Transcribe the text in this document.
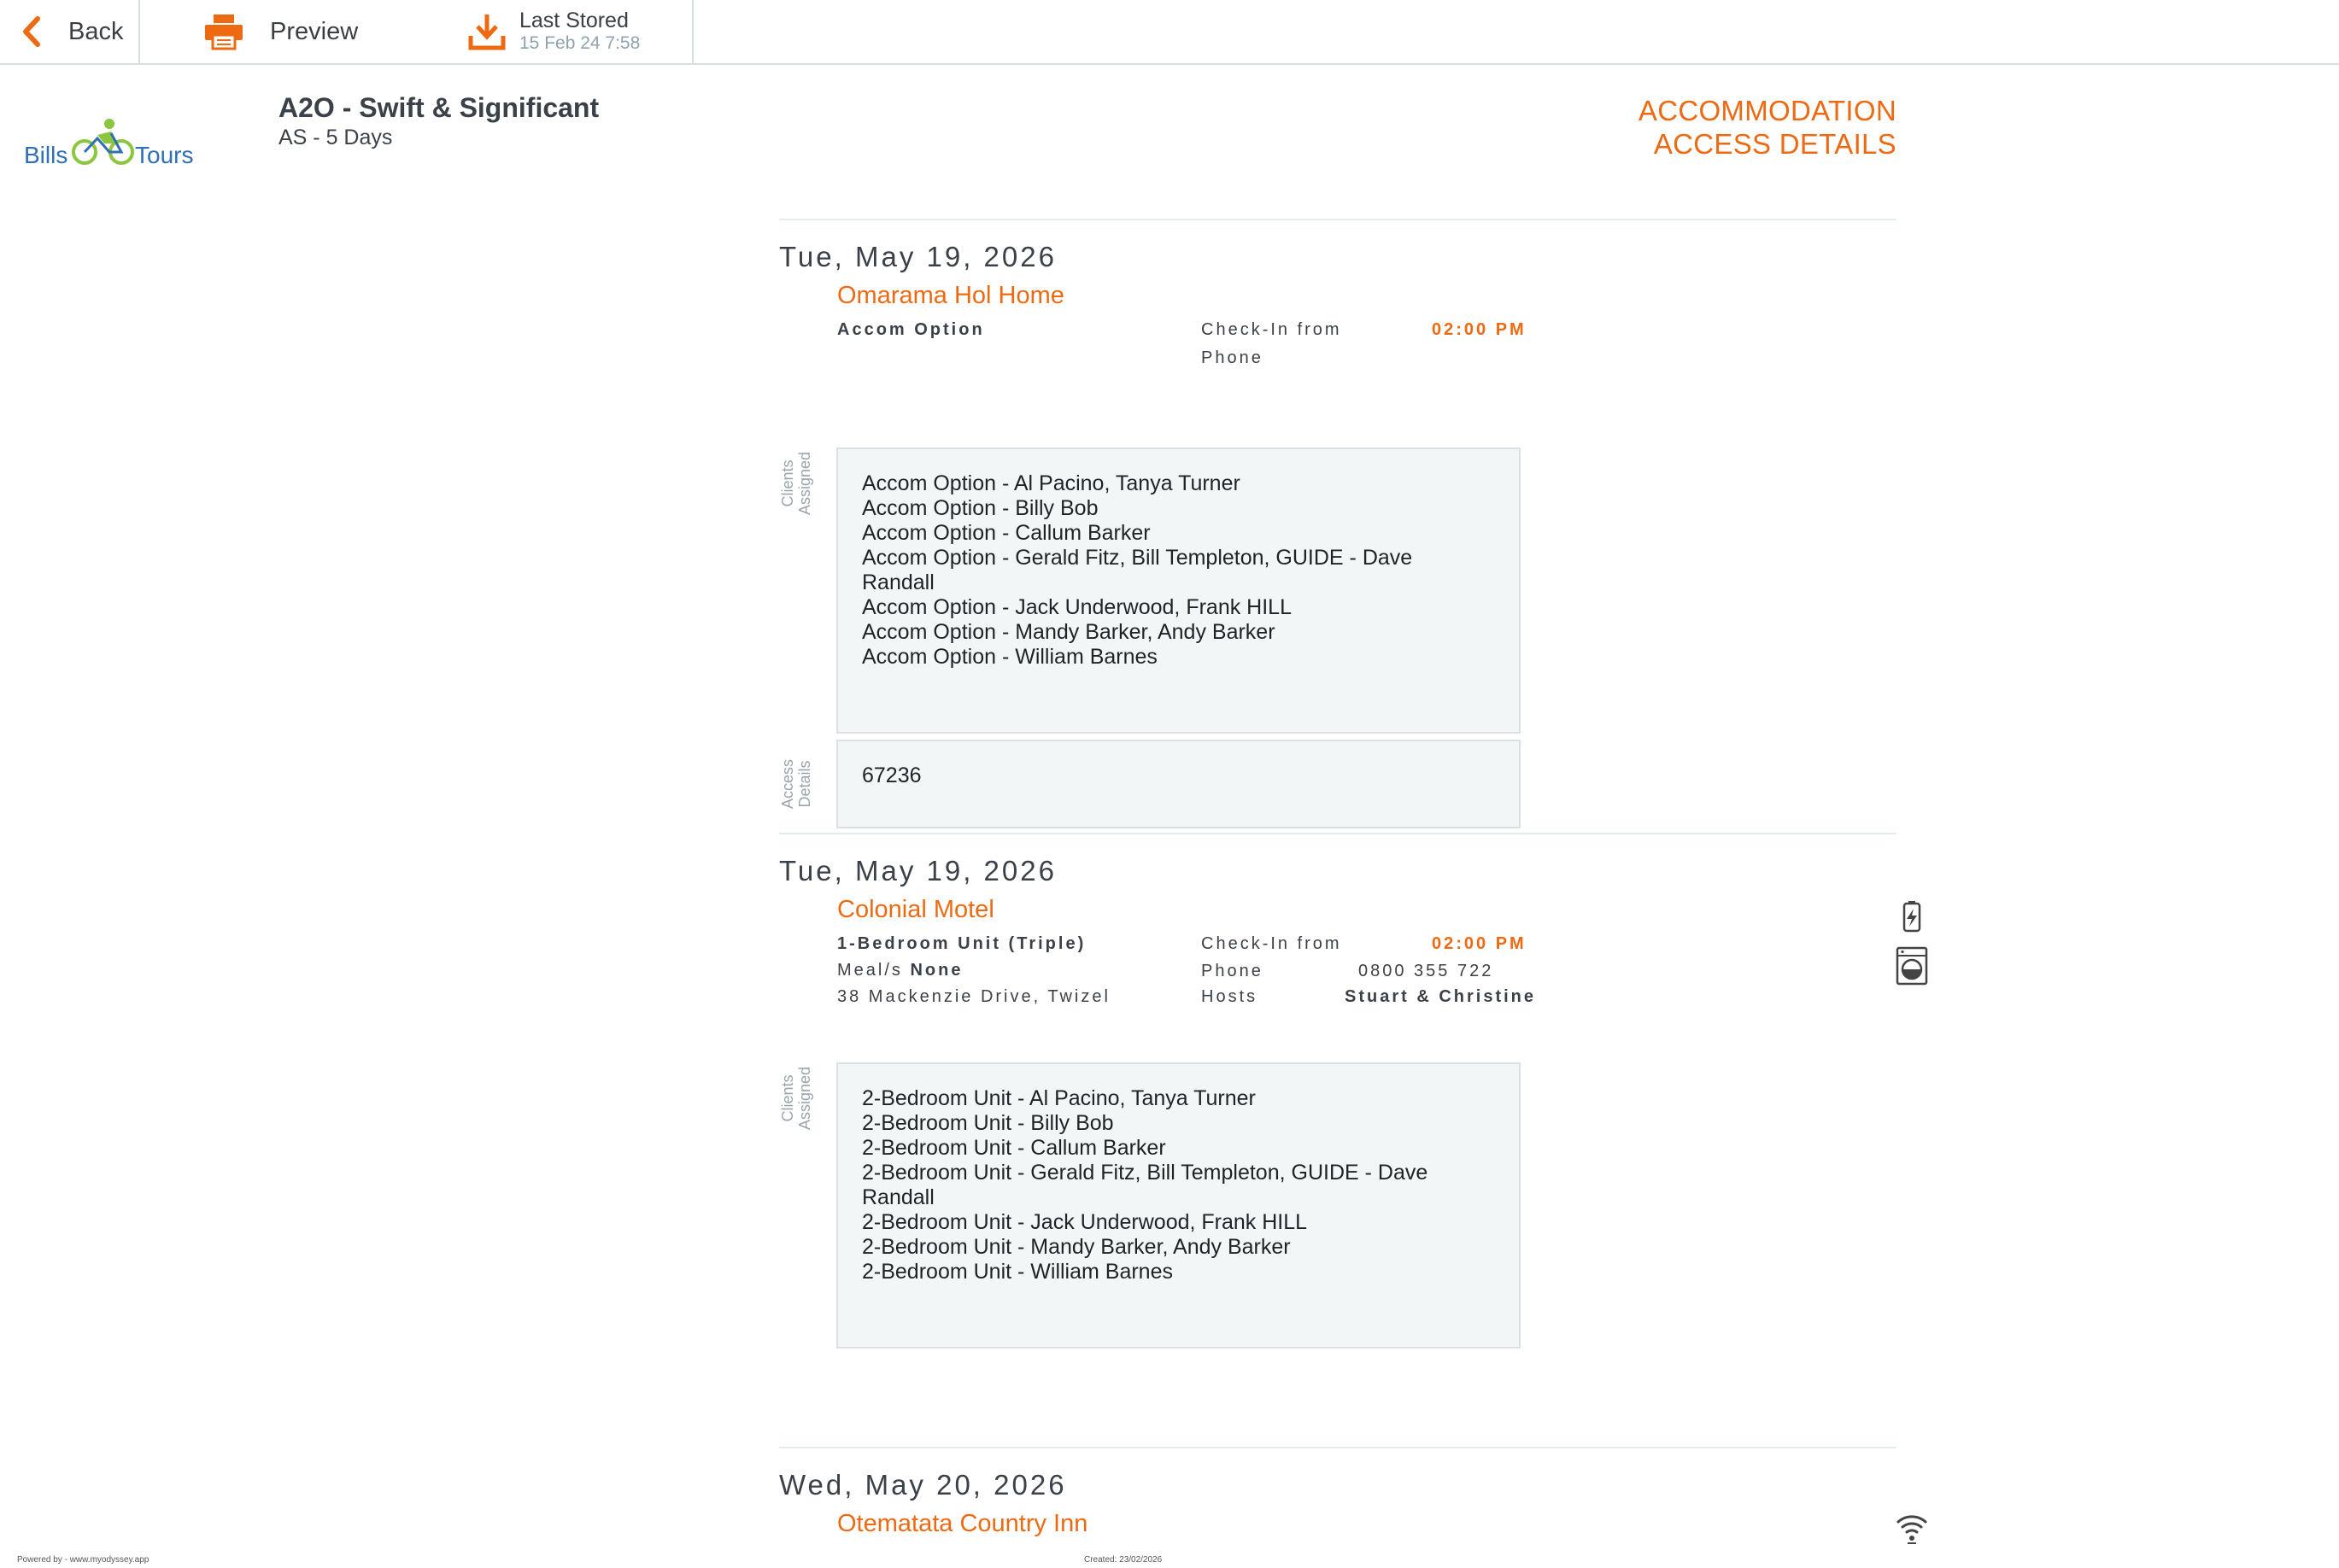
Back	Preview	Last Stored
15 Feb 24 7:58
Bills	Tours
A2O - Swift & Significant
AS - 5 Days
ACCOMMODATION
ACCESS DETAILS
Tue, May 19, 2026
Omarama Hol Home
Accom Option	Check-In from	02:00 PM
Phone
Clients Assigned Accom Option - Al Pacino, Tanya Turner
Accom Option - Billy Bob
Accom Option - Callum Barker
Accom Option - Gerald Fitz, Bill Templeton, GUIDE - Dave
Randall
Accom Option - Jack Underwood, Frank HILL
Accom Option - Mandy Barker, Andy Barker
Accom Option - William Barnes
Access Details 67236
Tue, May 19, 2026
Colonial Motel
1-Bedroom Unit (Triple)
Meal/s None
38 Mackenzie Drive, Twizel
Check-In from	02:00 PM
Phone	0800 355 722
Hosts	Stuart & Christine
Clients Assigned 2-Bedroom Unit - Al Pacino, Tanya Turner
2-Bedroom Unit - Billy Bob
2-Bedroom Unit - Callum Barker
2-Bedroom Unit - Gerald Fitz, Bill Templeton, GUIDE - Dave
Randall
2-Bedroom Unit - Jack Underwood, Frank HILL
2-Bedroom Unit - Mandy Barker, Andy Barker
2-Bedroom Unit - William Barnes
Wed, May 20, 2026
Otematata Country Inn
Powered by - www.myodyssey.app	Created: 23/02/2026
